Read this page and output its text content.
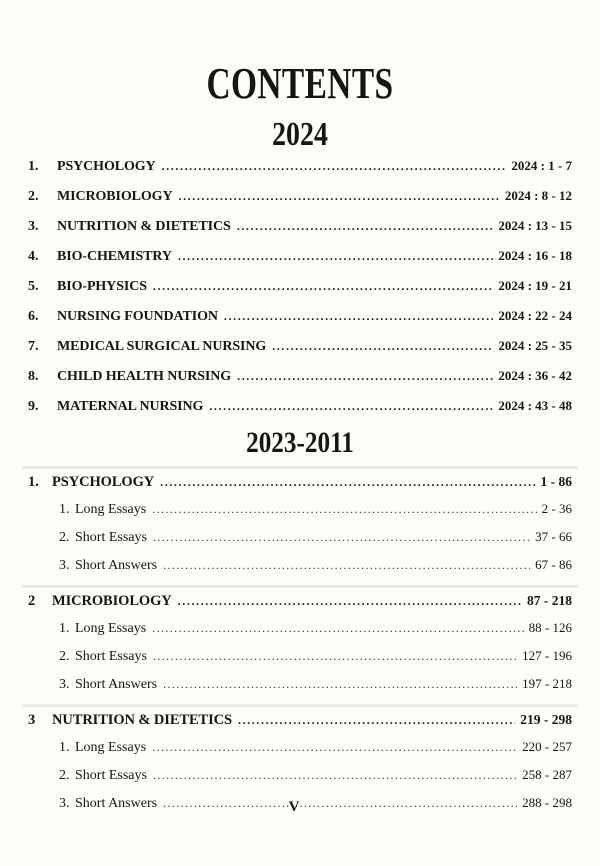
CONTENTS
2024
1.	PSYCHOLOGY .....	2024 : 1 - 7
2.	MICROBIOLOGY .....	2024 : 8 - 12
3.	NUTRITION & DIETETICS .....	2024 : 13 - 15
4.	BIO-CHEMISTRY .....	2024 : 16 - 18
5.	BIO-PHYSICS .....	2024 : 19 - 21
6.	NURSING FOUNDATION .....	2024 : 22 - 24
7.	MEDICAL SURGICAL NURSING .....	2024 : 25 - 35
8.	CHILD HEALTH NURSING .....	2024 : 36 - 42
9.	MATERNAL NURSING .....	2024 : 43 - 48
2023-2011
1. PSYCHOLOGY .....	1 - 86
1. Long Essays .....	2 - 36
2. Short Essays .....	37 - 66
3. Short Answers .....	67 - 86
2	MICROBIOLOGY .....	87 - 218
1. Long Essays .....	88 - 126
2. Short Essays .....	127 - 196
3. Short Answers .....	197 - 218
3	NUTRITION & DIETETICS .....	219 - 298
1. Long Essays .....	220 - 257
2. Short Essays .....	258 - 287
3. Short Answers .....	288 - 298
V
